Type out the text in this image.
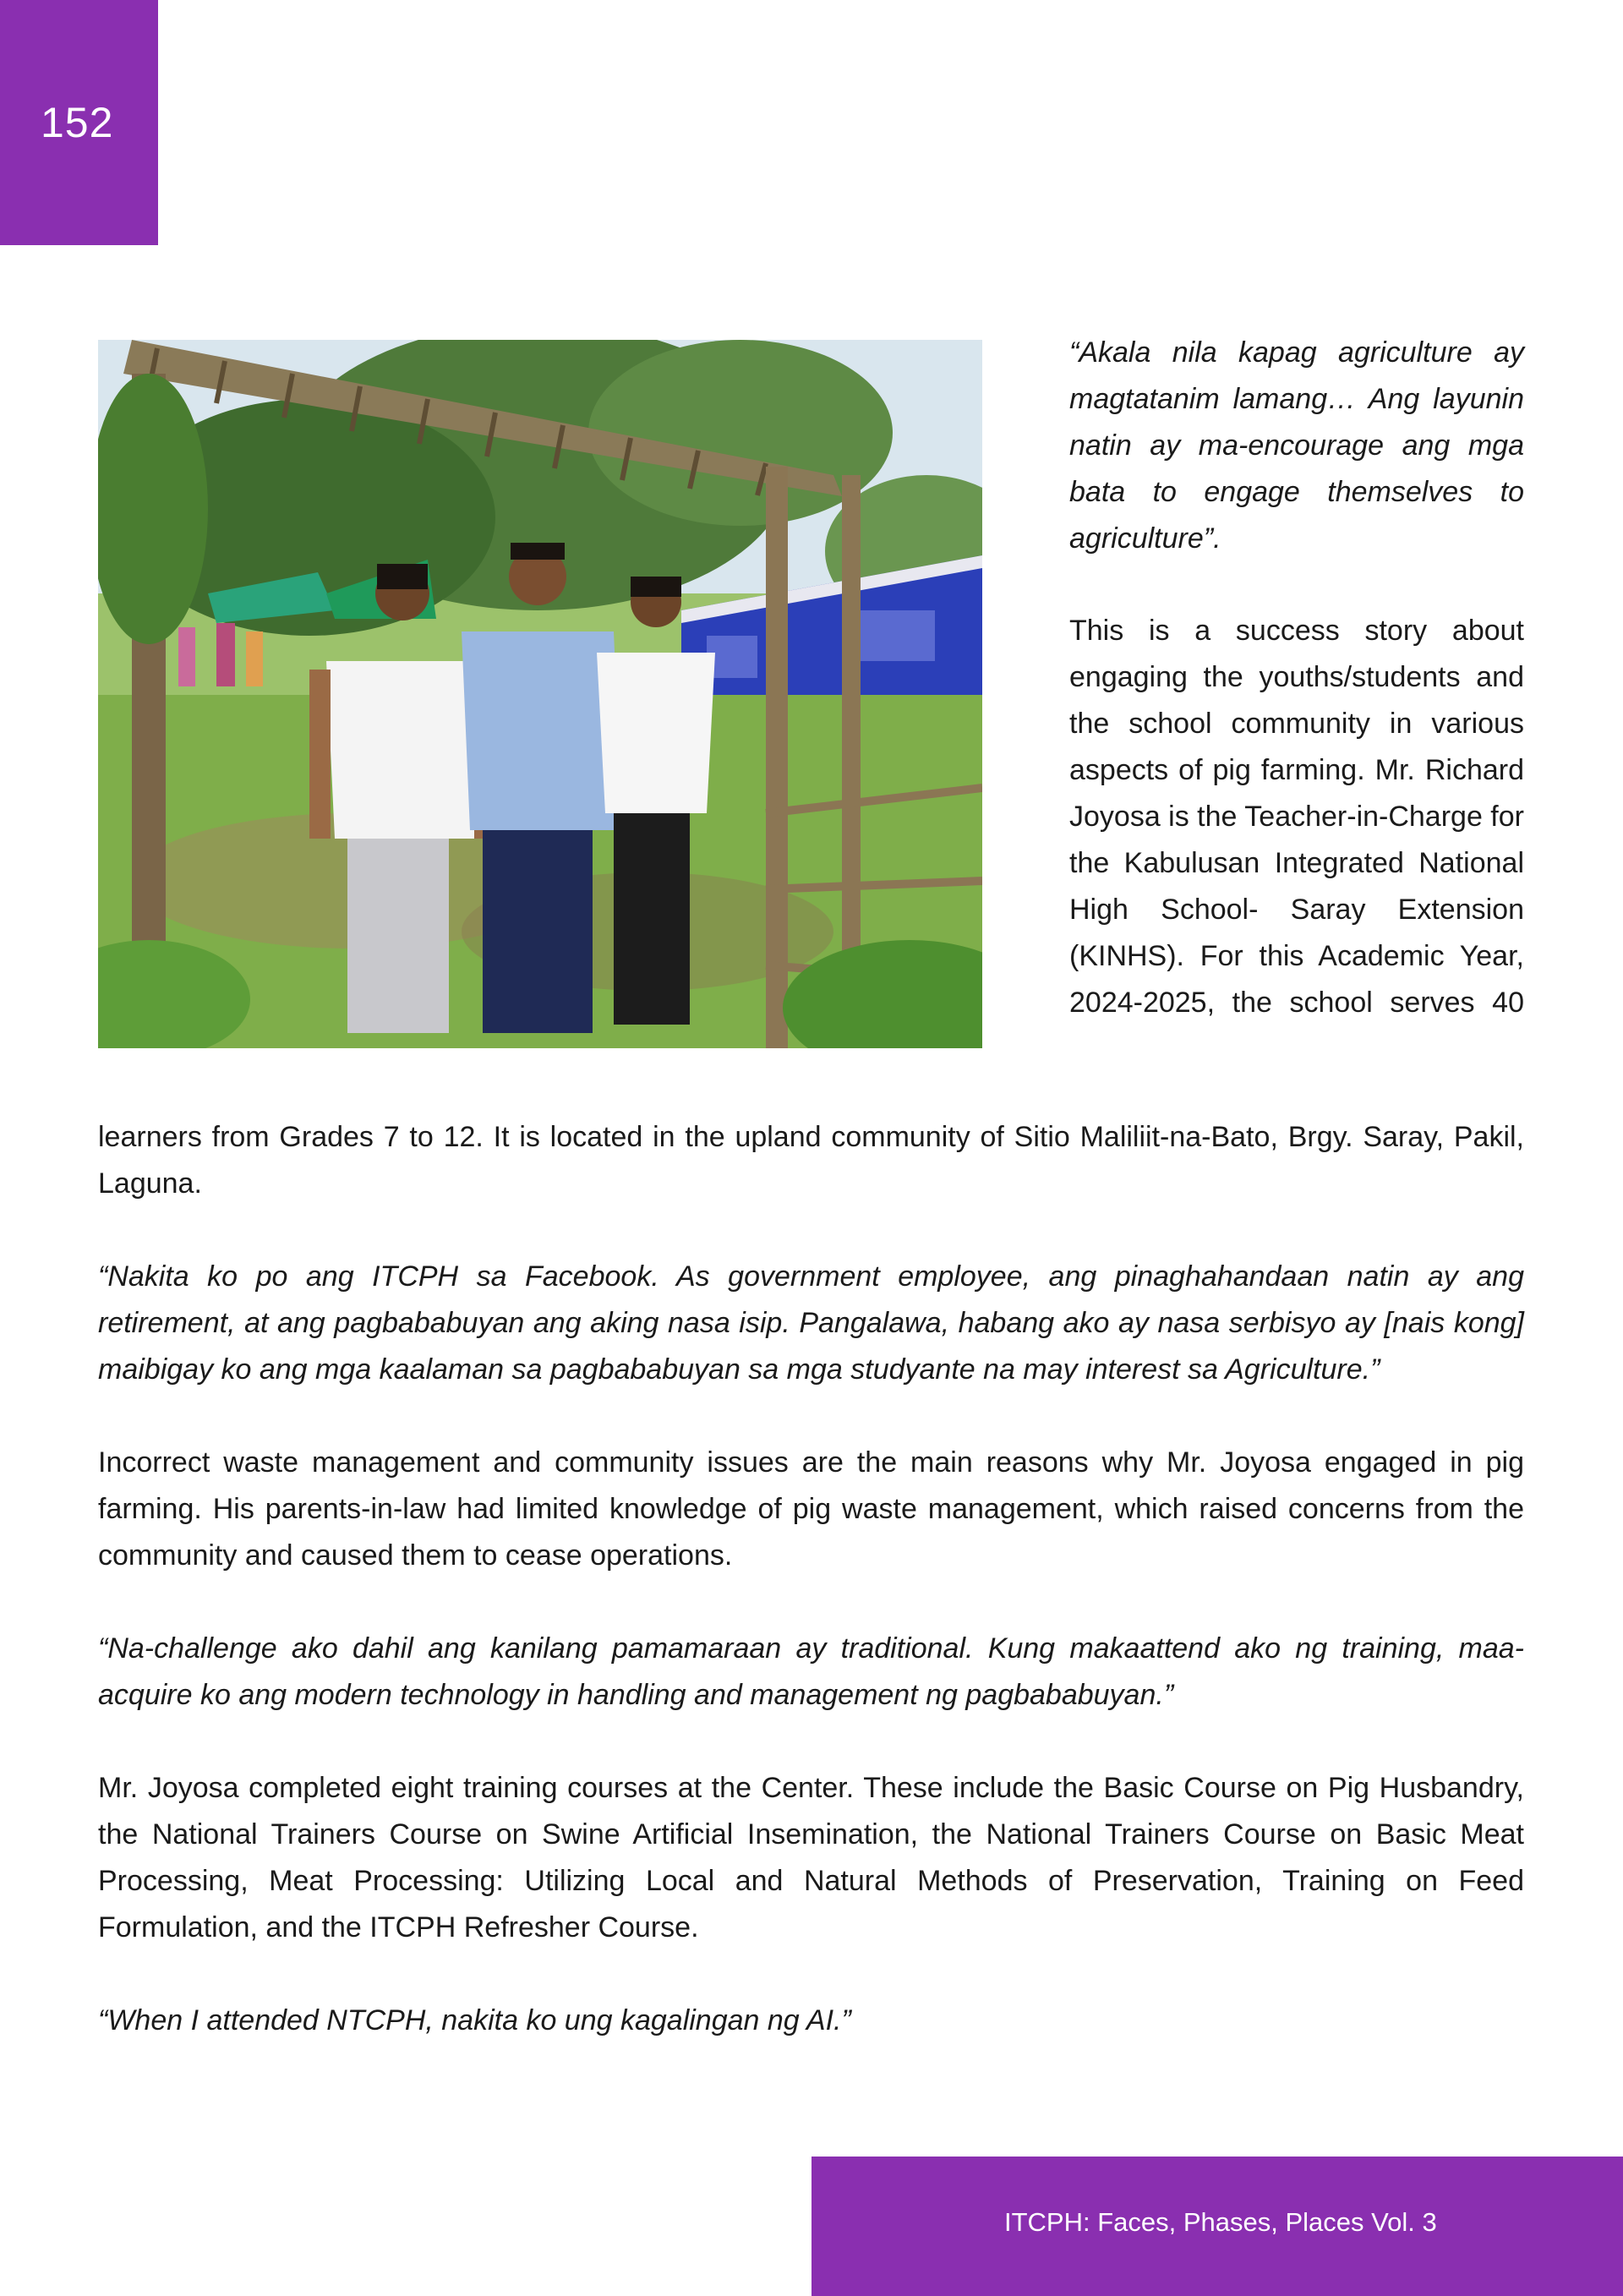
152

“Akala nila kapag agriculture ay magtatanim lamang… Ang layunin natin ay ma-encourage ang mga bata to engage themselves to agriculture”.

This is a success story about engaging the youths/students and the school community in various aspects of pig farming. Mr. Richard Joyosa is the Teacher-in-Charge for the Kabulusan Integrated National High School- Saray Extension (KINHS). For this Academic Year, 2024-2025, the school serves 40

learners from Grades 7 to 12. It is located in the upland community of Sitio Maliliit-na-Bato, Brgy. Saray, Pakil, Laguna.

“Nakita ko po ang ITCPH sa Facebook. As government employee, ang pinaghahandaan natin ay ang retirement, at ang pagbababuyan ang aking nasa isip. Pangalawa, habang ako ay nasa serbisyo ay [nais kong] maibigay ko ang mga kaalaman sa pagbababuyan sa mga studyante na may interest sa Agriculture.”

Incorrect waste management and community issues are the main reasons why Mr. Joyosa engaged in pig farming. His parents-in-law had limited knowledge of pig waste management, which raised concerns from the community and caused them to cease operations.

“Na-challenge ako dahil ang kanilang pamamaraan ay traditional. Kung makaattend ako ng training, maa-acquire ko ang modern technology in handling and management ng pagbababuyan.”

Mr. Joyosa completed eight training courses at the Center. These include the Basic Course on Pig Husbandry, the National Trainers Course on Swine Artificial Insemination, the National Trainers Course on Basic Meat Processing, Meat Processing: Utilizing Local and Natural Methods of Preservation, Training on Feed Formulation, and the ITCPH Refresher Course.

“When I attended NTCPH, nakita ko ung kagalingan ng AI.”

ITCPH: Faces, Phases, Places Vol. 3
